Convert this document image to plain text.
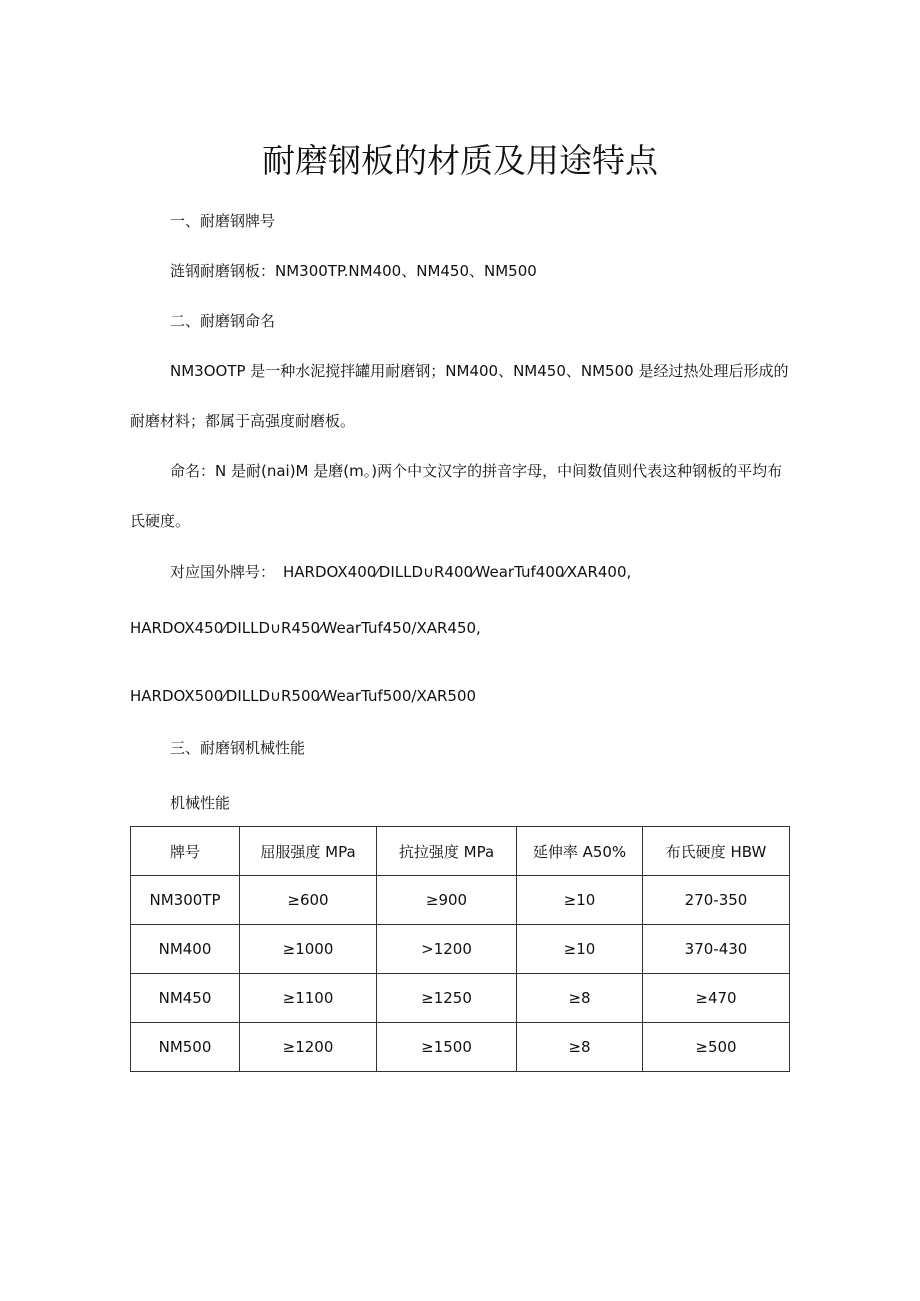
耐磨钢板的材质及用途特点

一、耐磨钢牌号

涟钢耐磨钢板：NM300TP.NM400、NM450、NM500

二、耐磨钢命名

NM3OOTP 是一种水泥搅拌罐用耐磨钢；NM400、NM450、NM500 是经过热处理后形成的

耐磨材料；都属于高强度耐磨板。

命名：N 是耐(nai)M 是磨(m。)两个中文汉字的拼音字母，中间数值则代表这种钢板的平均布

氏硬度。

对应国外牌号： HARDOX400⁄DILLD∪R400⁄WearTuf400⁄XAR400,

HARDOX450⁄DILLD∪R450⁄WearTuf450/XAR450,

HARDOX500⁄DILLD∪R500⁄WearTuf500/XAR500

三、耐磨钢机械性能

机械性能

牌号	屈服强度 MPa	抗拉强度 MPa	延伸率 A50%	布氏硬度 HBW
NM300TP	≥600	≥900	≥10	270-350
NM400	≥1000	>1200	≥10	370-430
NM450	≥1100	≥1250	≥8	≥470
NM500	≥1200	≥1500	≥8	≥500
